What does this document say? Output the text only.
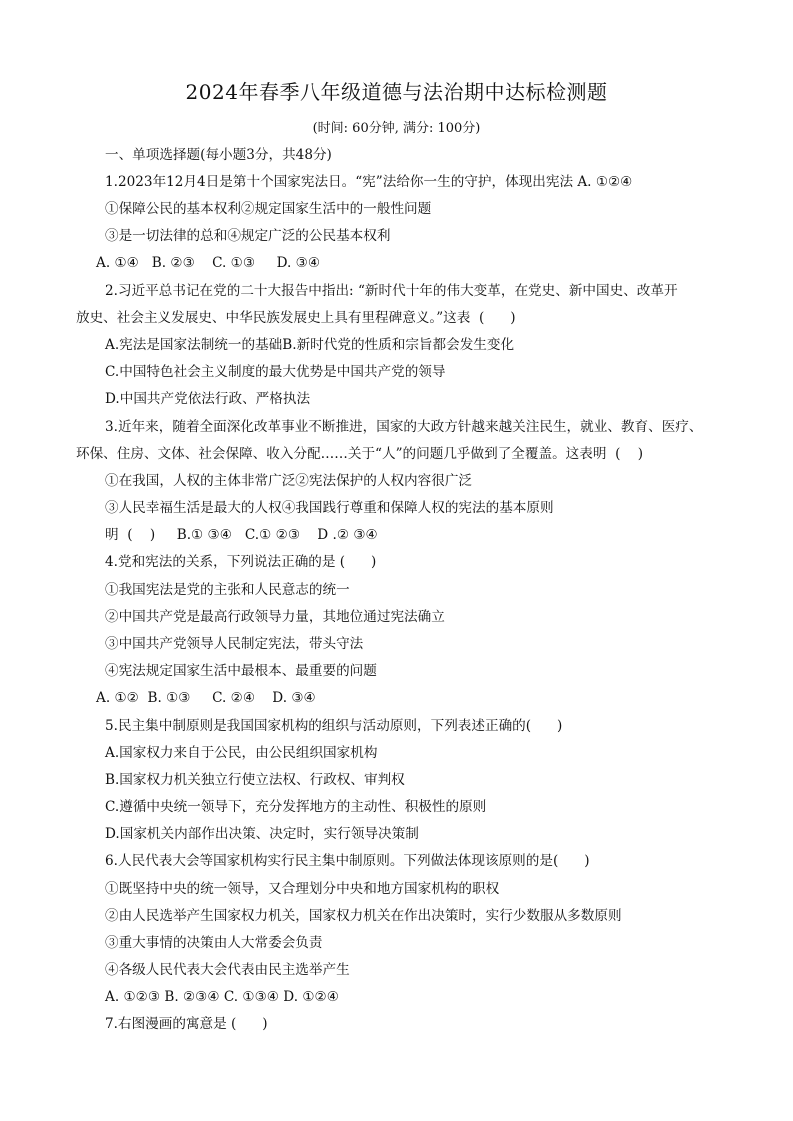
2024年春季八年级道德与法治期中达标检测题
(时间: 60分钟, 满分: 100分)
一、单项选择题(每小题3分，共48分)
1.2023年12月4日是第十个国家宪法日。“宪”法给你一生的守护，体现出宪法 A. ①②④
①保障公民的基本权利②规定国家生活中的一般性问题
③是一切法律的总和④规定广泛的公民基本权利
A. ①④   B. ②③    C. ①③     D. ③④
2.习近平总书记在党的二十大报告中指出: “新时代十年的伟大变革，在党史、新中国史、改革开
放史、社会主义发展史、中华民族发展史上具有里程碑意义。”这表  (      )
A.宪法是国家法制统一的基础B.新时代党的性质和宗旨都会发生变化
C.中国特色社会主义制度的最大优势是中国共产党的领导
D.中国共产党依法行政、严格执法
3.近年来，随着全面深化改革事业不断推进，国家的大政方针越来越关注民生，就业、教育、医疗、
环保、住房、文体、社会保障、收入分配……关于“人”的问题几乎做到了全覆盖。这表明  (    )
①在我国，人权的主体非常广泛②宪法保护的人权内容很广泛
③人民幸福生活是最大的人权④我国践行尊重和保障人权的宪法的基本原则
明  (    )     B.① ③④   C.① ②③    D .② ③④
4.党和宪法的关系，下列说法正确的是 (      )
①我国宪法是党的主张和人民意志的统一
②中国共产党是最高行政领导力量，其地位通过宪法确立
③中国共产党领导人民制定宪法，带头守法
④宪法规定国家生活中最根本、最重要的问题
A. ①②  B. ①③     C. ②④    D. ③④
5.民主集中制原则是我国国家机构的组织与活动原则，下列表述正确的(      )
A.国家权力来自于公民，由公民组织国家机构
B.国家权力机关独立行使立法权、行政权、审判权
C.遵循中央统一领导下，充分发挥地方的主动性、积极性的原则
D.国家机关内部作出决策、决定时，实行领导决策制
6.人民代表大会等国家机构实行民主集中制原则。下列做法体现该原则的是(      )
①既坚持中央的统一领导，又合理划分中央和地方国家机构的职权
②由人民选举产生国家权力机关，国家权力机关在作出决策时，实行少数服从多数原则
③重大事情的决策由人大常委会负责
④各级人民代表大会代表由民主选举产生
A. ①②③ B. ②③④ C. ①③④ D. ①②④
7.右图漫画的寓意是 (      )
